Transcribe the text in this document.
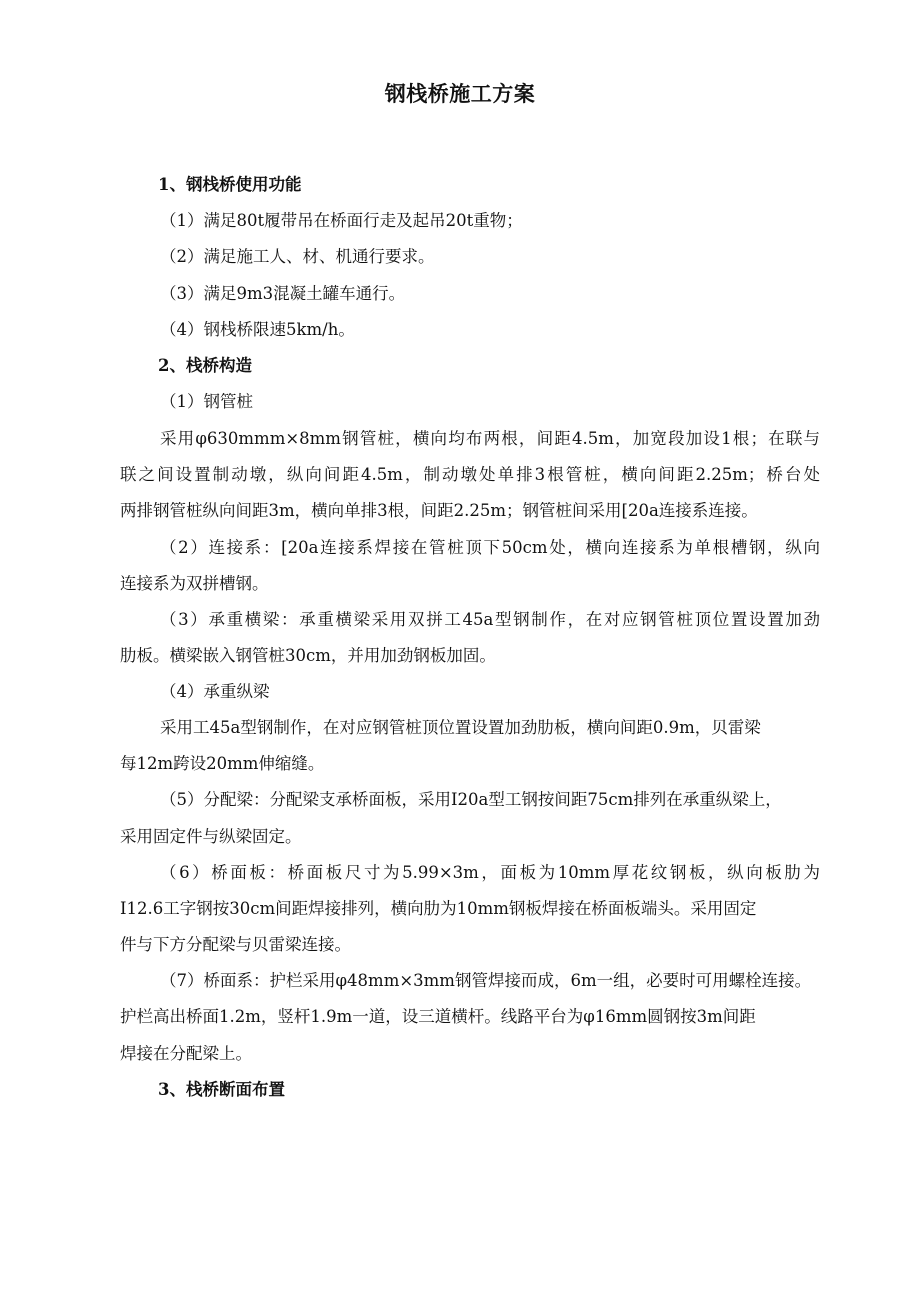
钢栈桥施工方案
1、钢栈桥使用功能
（1）满足80t履带吊在桥面行走及起吊20t重物；
（2）满足施工人、材、机通行要求。
（3）满足9m3混凝土罐车通行。
（4）钢栈桥限速5km/h。
2、栈桥构造
（1）钢管桩
采用φ630mmm×8mm钢管桩，横向均布两根，间距4.5m，加宽段加设1根；在联与
联之间设置制动墩，纵向间距4.5m，制动墩处单排3根管桩，横向间距2.25m；桥台处
两排钢管桩纵向间距3m，横向单排3根，间距2.25m；钢管桩间采用[20a连接系连接。
（2）连接系：[20a连接系焊接在管桩顶下50cm处，横向连接系为单根槽钢，纵向
连接系为双拼槽钢。
（3）承重横梁：承重横梁采用双拼工45a型钢制作，在对应钢管桩顶位置设置加劲
肋板。横梁嵌入钢管桩30cm，并用加劲钢板加固。
（4）承重纵梁
采用工45a型钢制作，在对应钢管桩顶位置设置加劲肋板，横向间距0.9m，贝雷梁
每12m跨设20mm伸缩缝。
（5）分配梁：分配梁支承桥面板，采用I20a型工钢按间距75cm排列在承重纵梁上，
采用固定件与纵梁固定。
（6）桥面板：桥面板尺寸为5.99×3m，面板为10mm厚花纹钢板，纵向板肋为
I12.6工字钢按30cm间距焊接排列，横向肋为10mm钢板焊接在桥面板端头。采用固定
件与下方分配梁与贝雷梁连接。
（7）桥面系：护栏采用φ48mm×3mm钢管焊接而成，6m一组，必要时可用螺栓连接。
护栏高出桥面1.2m，竖杆1.9m一道，设三道横杆。线路平台为φ16mm圆钢按3m间距
焊接在分配梁上。
3、栈桥断面布置
